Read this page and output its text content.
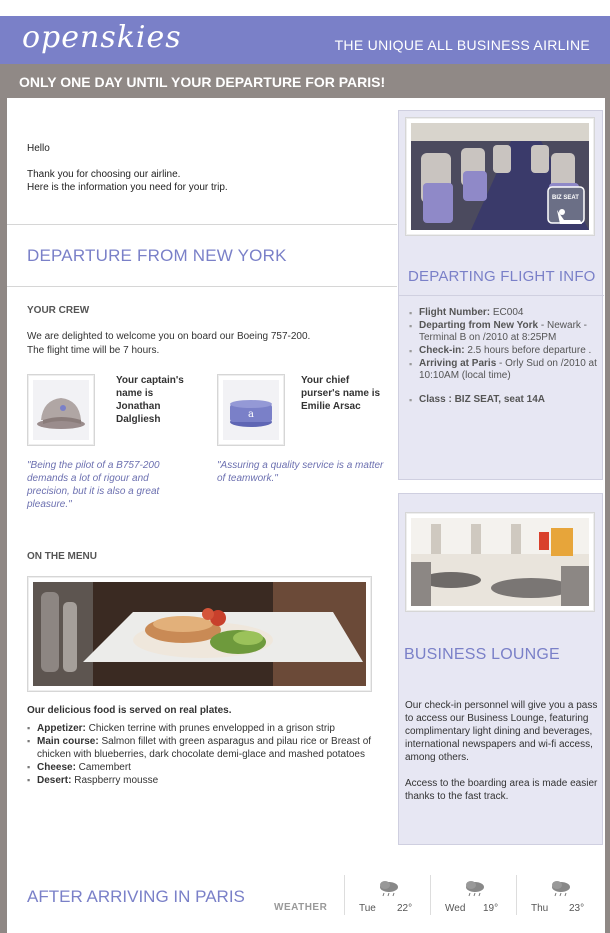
openskies	THE UNIQUE ALL BUSINESS AIRLINE
ONLY ONE DAY UNTIL YOUR DEPARTURE FOR PARIS!

Hello

Thank you for choosing our airline.

Here is the information you need for your trip.

DEPARTURE FROM NEW YORK
YOUR CREW
We are delighted to welcome you on board our Boeing 757-200.
The flight time will be 7 hours.
Your captain's name is Jonathan Dalgliesh
"Being the pilot of a B757-200 demands a lot of rigour and precision, but it is also a great pleasure."
a
Your chief purser's name is Emilie Arsac
"Assuring a quality service is a matter of teamwork."
ON THE MENU
Our delicious food is served on real plates.
▪ Appetizer: Chicken terrine with prunes envelopped in a grison strip
▪ Main course: Salmon fillet with green asparagus and pilau rice or Breast of chicken with blueberries, dark chocolate demi-glace and mashed potatoes
▪ Cheese: Camembert
▪ Desert: Raspberry mousse
BIZ SEAT
DEPARTING FLIGHT INFO
▪ Flight Number: EC004
▪ Departing from New York - Newark - Terminal B on /2010 at 8:25PM
▪ Check-in: 2.5 hours before departure .
▪ Arriving at Paris - Orly Sud on /2010 at 10:10AM (local time)
▪ Class : BIZ SEAT, seat 14A
BUSINESS LOUNGE

Our check-in personnel will give you a pass to access our Business Lounge, featuring complimentary light dining and beverages, international newspapers and wi-fi access, among others.

Access to the boarding area is made easier thanks to the fast track.

AFTER ARRIVING IN PARIS
WEATHER	Tue 22°	Wed 19°	Thu 23°
